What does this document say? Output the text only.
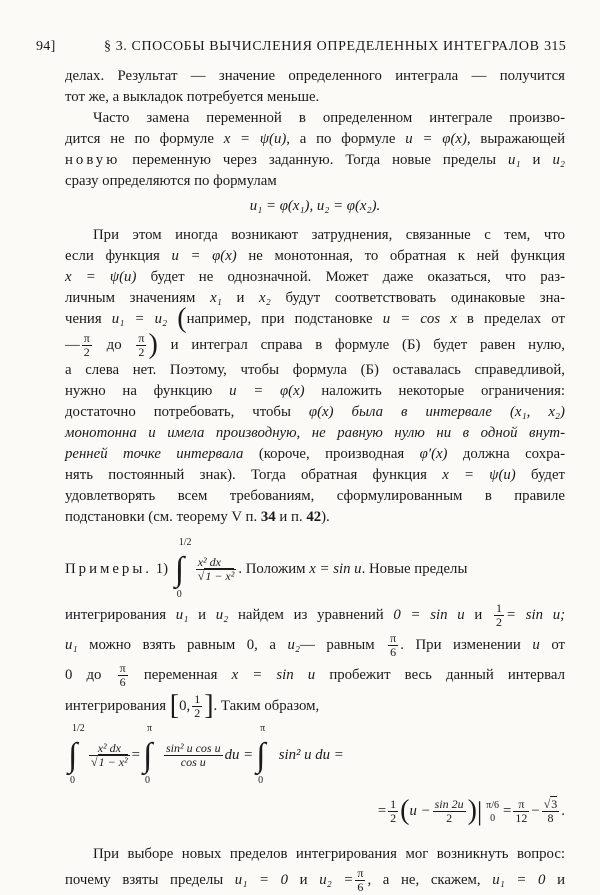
94]	§ 3. СПОСОБЫ ВЫЧИСЛЕНИЯ ОПРЕДЕЛЕННЫХ ИНТЕГРАЛОВ 315
делах. Результат — значение определенного интеграла — получится
тот же, а выкладок потребуется меньше.
Часто замена переменной в определенном интеграле произво-
дится не по формуле x = ψ(u), а по формуле u = φ(x), выражающей
новую переменную через заданную. Тогда новые пределы u₁ и u₂
сразу определяются по формулам
u₁ = φ(x₁), u₂ = φ(x₂).
При этом иногда возникают затруднения, связанные с тем, что
если функция u = φ(x) не монотонная, то обратная к ней функция
x = ψ(u) будет не однозначной. Может даже оказаться, что раз-
личным значениям x₁ и x₂ будут соответствовать одинаковые зна-
чения u₁ = u₂ (например, при подстановке u = cos x в пределах от
— $\frac{\pi}{2}$ до $\frac{\pi}{2}$ ) и интеграл справа в формуле (Б) будет равен нулю,
а слева нет. Поэтому, чтобы формула (Б) оставалась справедливой,
нужно на функцию u = φ(x) наложить некоторые ограничения:
достаточно потребовать, чтобы φ(x) была в интервале (x₁, x₂)
монотонна и имела производную, не равную нулю ни в одной внут-
ренней точке интервала (короче, производная φ′(x) должна сохра-
нять постоянный знак). Тогда обратная функция x = ψ(u) будет
удовлетворять всем требованиям, сформулированным в правиле
подстановки (см. теорему V п. 34 и п. 42).
Примеры. 1) ∫
1/2
0
$\frac{\text{x² dx}}{\text{√1 − x²}}$ . Положим x = sin u. Новые пределы
интегрирования u₁ и u₂ найдем из уравнений 0 = sin u и $\frac{1}{2} = \sin u$;
u₁ можно взять равным 0, а u₂— равным $\frac{\pi}{6}$ . При изменении u от
0 до $\frac{\pi}{6}$ переменная x = sin u пробежит весь данный интервал
интегрирования [0, $\frac{1}{2}$ ]. Таким образом,
∫
1/2
0
$\frac{\text{x² dx}}{\text{√1 − x²}}$ = ∫
π
0
$\frac{\text{sin² u cos u}}{\text{cos u}}$ du = ∫
π
0
sin² u du =
= $\frac{1}{2} (u - \frac{\sin 2u}{2}$ )| π/6
$0 = \frac{\pi}{12} - \frac{√3}{8}$ .
При выборе новых пределов интегрирования мог возникнуть вопрос:
почему взяты пределы u₁ = 0 и $u_2 = \frac{\pi}{6}$ , а не, скажем, u₁ = 0 и
